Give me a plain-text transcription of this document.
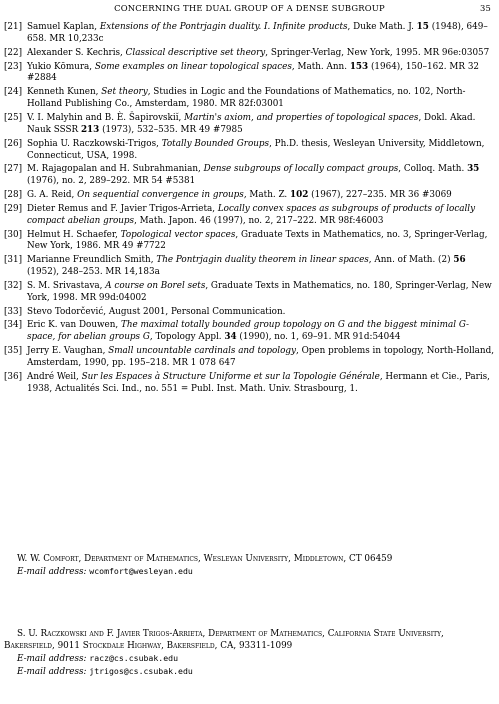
CONCERNING THE DUAL GROUP OF A DENSE SUBGROUP	35
[21] Samuel Kaplan, Extensions of the Pontrjagin duality. I. Infinite products, Duke Math. J. 15 (1948), 649–658. MR 10,233c
[22] Alexander S. Kechris, Classical descriptive set theory, Springer-Verlag, New York, 1995. MR 96e:03057
[23] Yukio Kōmura, Some examples on linear topological spaces, Math. Ann. 153 (1964), 150–162. MR 32 #2884
[24] Kenneth Kunen, Set theory, Studies in Logic and the Foundations of Mathematics, no. 102, North-Holland Publishing Co., Amsterdam, 1980. MR 82f:03001
[25] V. I. Malyhin and B. È. Šapirovskiĭ, Martin's axiom, and properties of topological spaces, Dokl. Akad. Nauk SSSR 213 (1973), 532–535. MR 49 #7985
[26] Sophia U. Raczkowski-Trigos, Totally Bounded Groups, Ph.D. thesis, Wesleyan University, Middletown, Connecticut, USA, 1998.
[27] M. Rajagopalan and H. Subrahmanian, Dense subgroups of locally compact groups, Colloq. Math. 35 (1976), no. 2, 289–292. MR 54 #5381
[28] G. A. Reid, On sequential convergence in groups, Math. Z. 102 (1967), 227–235. MR 36 #3069
[29] Dieter Remus and F. Javier Trigos-Arrieta, Locally convex spaces as subgroups of products of locally compact abelian groups, Math. Japon. 46 (1997), no. 2, 217–222. MR 98f:46003
[30] Helmut H. Schaefer, Topological vector spaces, Graduate Texts in Mathematics, no. 3, Springer-Verlag, New York, 1986. MR 49 #7722
[31] Marianne Freundlich Smith, The Pontrjagin duality theorem in linear spaces, Ann. of Math. (2) 56 (1952), 248–253. MR 14,183a
[32] S. M. Srivastava, A course on Borel sets, Graduate Texts in Mathematics, no. 180, Springer-Verlag, New York, 1998. MR 99d:04002
[33] Stevo Todorčević, August 2001, Personal Communication.
[34] Eric K. van Douwen, The maximal totally bounded group topology on G and the biggest minimal G-space, for abelian groups G, Topology Appl. 34 (1990), no. 1, 69–91. MR 91d:54044
[35] Jerry E. Vaughan, Small uncountable cardinals and topology, Open problems in topology, North-Holland, Amsterdam, 1990, pp. 195–218. MR 1 078 647
[36] André Weil, Sur les Espaces à Structure Uniforme et sur la Topologie Générale, Hermann et Cie., Paris, 1938, Actualités Sci. Ind., no. 551 = Publ. Inst. Math. Univ. Strasbourg, 1.
W. W. Comfort, Department of Mathematics, Wesleyan University, Middletown, CT 06459
E-mail address: wcomfort@wesleyan.edu
S. U. Raczkowski and F. Javier Trigos-Arrieta, Department of Mathematics, California State University, Bakersfield, 9011 Stockdale Highway, Bakersfield, CA, 93311-1099
E-mail address: racz@cs.csubak.edu
E-mail address: jtrigos@cs.csubak.edu
